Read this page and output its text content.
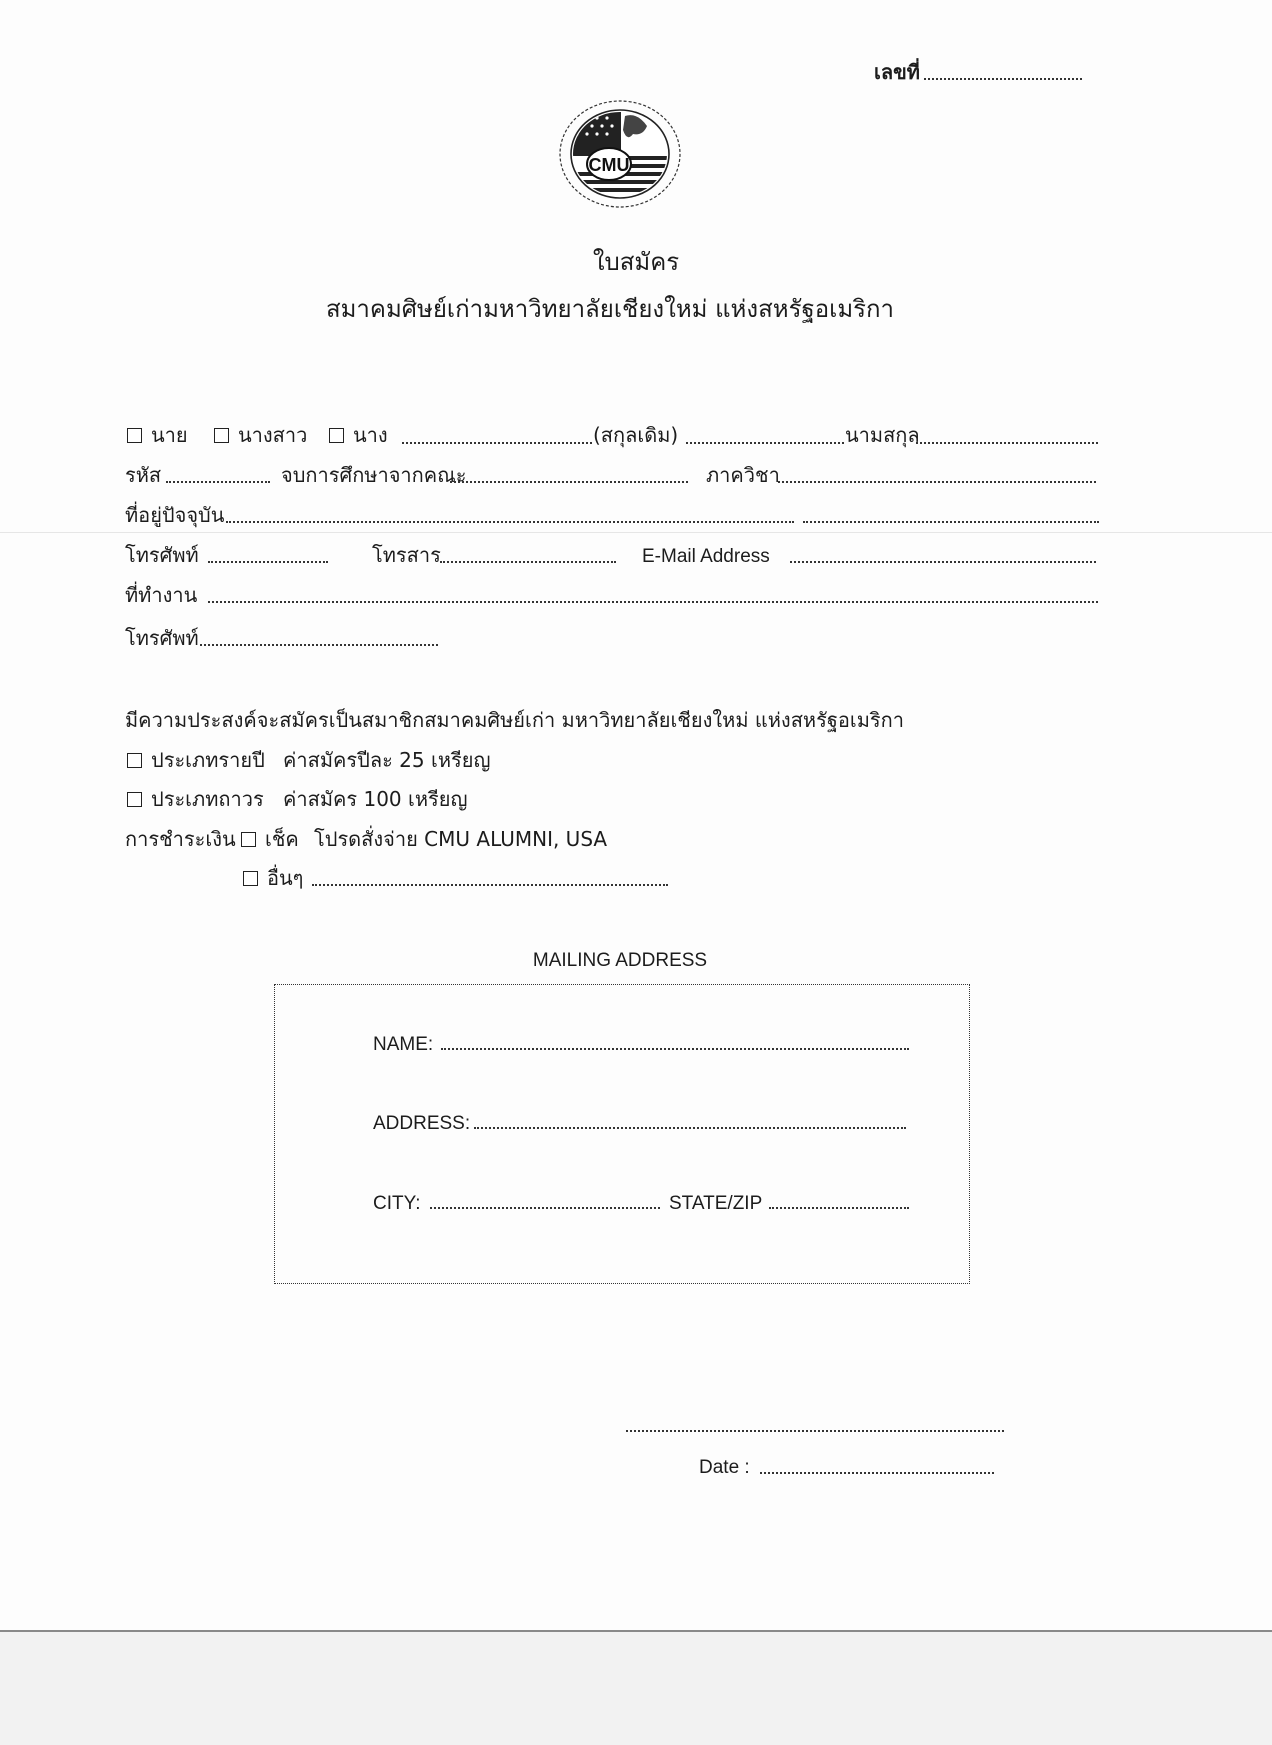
เลขที่
CMU
ใบสมัคร
สมาคมศิษย์เก่ามหาวิทยาลัยเชียงใหม่ แห่งสหรัฐอเมริกา
นาย	นางสาว	นาง	(สกุลเดิม)	นามสกุล
รหัส	จบการศึกษาจากคณะ	ภาควิชา
ที่อยู่ปัจจุบัน
โทรศัพท์	โทรสาร	E-Mail Address
ที่ทำงาน
โทรศัพท์
มีความประสงค์จะสมัครเป็นสมาชิกสมาคมศิษย์เก่า มหาวิทยาลัยเชียงใหม่ แห่งสหรัฐอเมริกา
ประเภทรายปี ค่าสมัครปีละ 25 เหรียญ
ประเภทถาวร ค่าสมัคร 100 เหรียญ
การชำระเงิน	เช็ค โปรดสั่งจ่าย CMU ALUMNI, USA
อื่นๆ
MAILING ADDRESS
NAME:
ADDRESS:
CITY:	STATE/ZIP
Date :
